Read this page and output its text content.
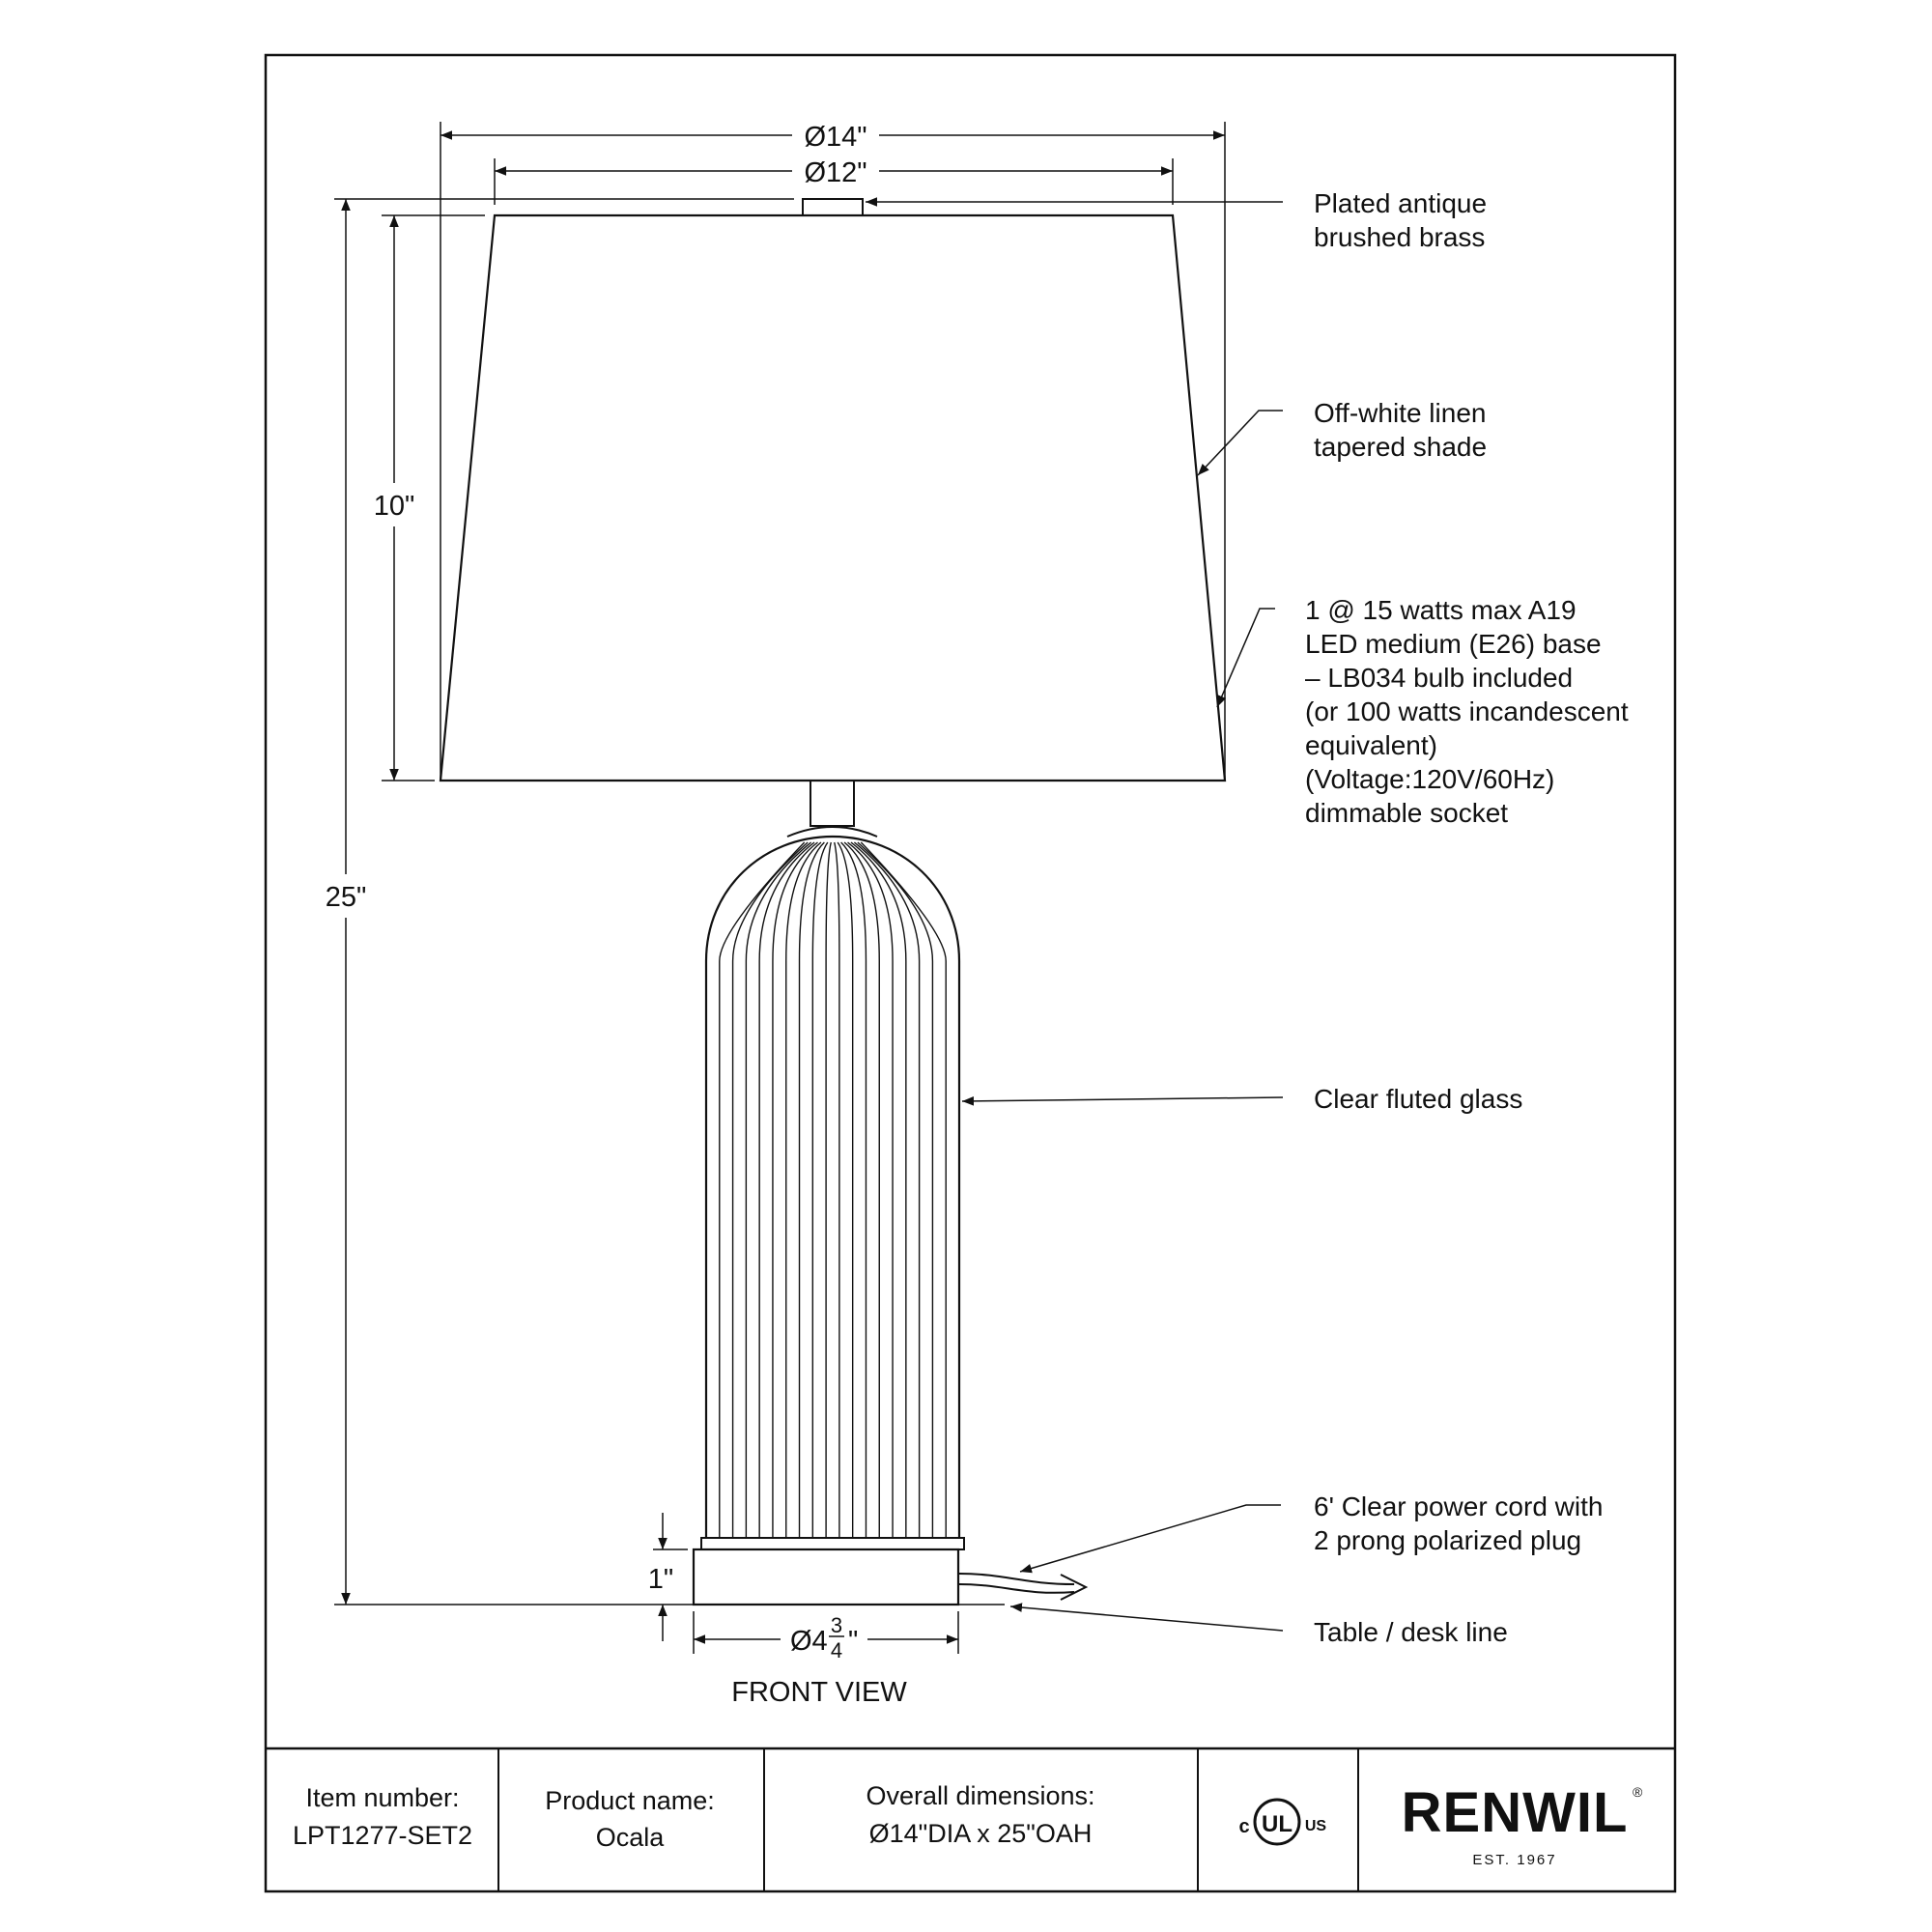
Ø14"
Ø12"
10"
25"
1"
Ø4
3
4 "
FRONT VIEW
Plated antique brushed brass
Off-white linen tapered shade
1 @ 15 watts max A19 LED medium (E26) base – LB034 bulb included (or 100 watts incandescent equivalent) (Voltage:120V/60Hz) dimmable socket
Clear fluted glass
6' Clear power cord with 2 prong polarized plug
Table / desk line
Item number:
LPT1277-SET2
Product name:
Ocala
Overall dimensions:
Ø14"DIA x 25"OAH	UL
c	US RENWIL ®
EST. 1967
